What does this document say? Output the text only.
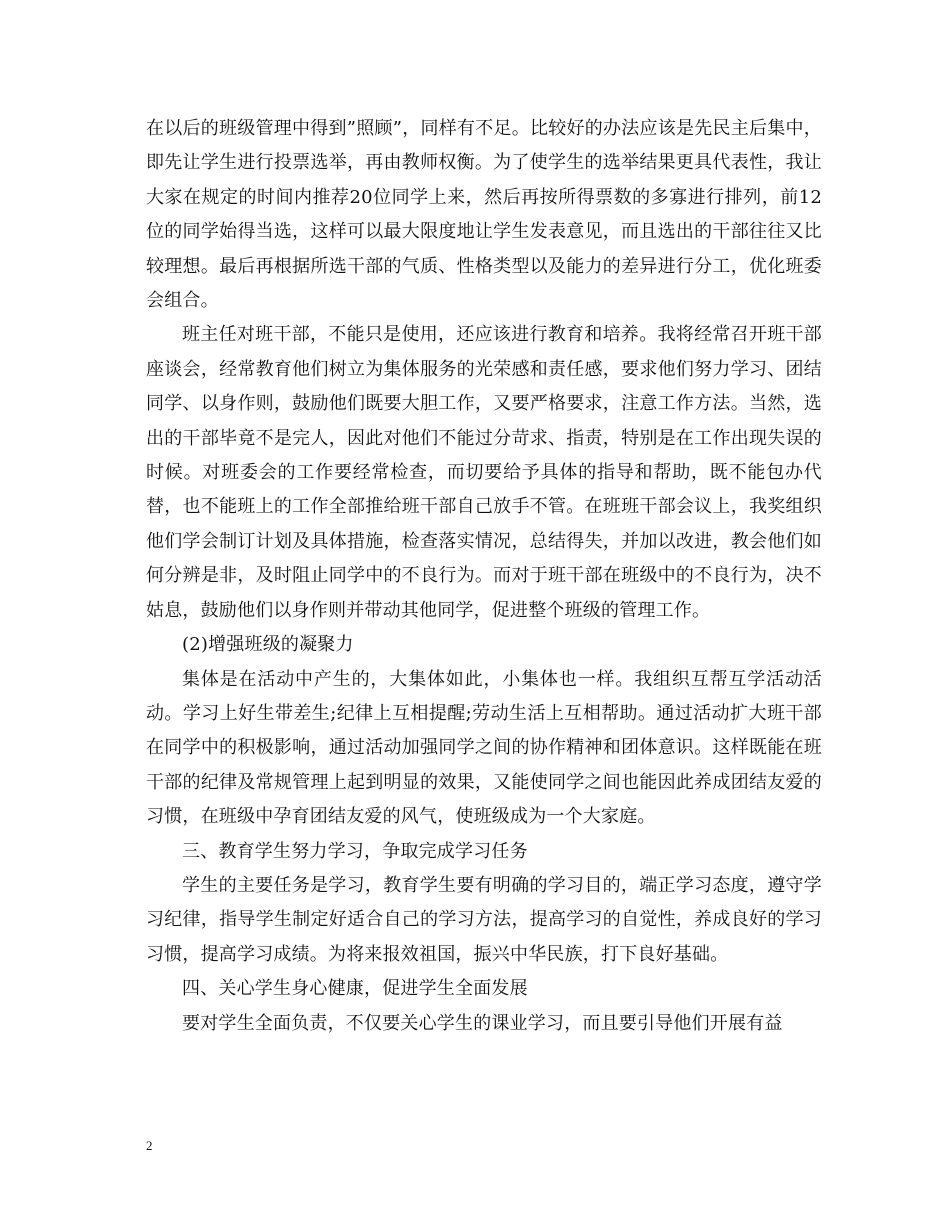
在以后的班级管理中得到”照顾”，同样有不足。比较好的办法应该是先民主后集中，即先让学生进行投票选举，再由教师权衡。为了使学生的选举结果更具代表性，我让大家在规定的时间内推荐20位同学上来，然后再按所得票数的多寡进行排列，前12位的同学始得当选，这样可以最大限度地让学生发表意见，而且选出的干部往往又比较理想。最后再根据所选干部的气质、性格类型以及能力的差异进行分工，优化班委会组合。

班主任对班干部，不能只是使用，还应该进行教育和培养。我将经常召开班干部座谈会，经常教育他们树立为集体服务的光荣感和责任感，要求他们努力学习、团结同学、以身作则，鼓励他们既要大胆工作，又要严格要求，注意工作方法。当然，选出的干部毕竟不是完人，因此对他们不能过分苛求、指责，特别是在工作出现失误的时候。对班委会的工作要经常检查，而切要给予具体的指导和帮助，既不能包办代替，也不能班上的工作全部推给班干部自己放手不管。在班班干部会议上，我奖组织他们学会制订计划及具体措施，检查落实情况，总结得失，并加以改进，教会他们如何分辨是非，及时阻止同学中的不良行为。而对于班干部在班级中的不良行为，决不姑息，鼓励他们以身作则并带动其他同学，促进整个班级的管理工作。

(2)增强班级的凝聚力

集体是在活动中产生的，大集体如此，小集体也一样。我组织互帮互学活动活动。学习上好生带差生;纪律上互相提醒;劳动生活上互相帮助。通过活动扩大班干部在同学中的积极影响，通过活动加强同学之间的协作精神和团体意识。这样既能在班干部的纪律及常规管理上起到明显的效果，又能使同学之间也能因此养成团结友爱的习惯，在班级中孕育团结友爱的风气，使班级成为一个大家庭。

三、教育学生努力学习，争取完成学习任务

学生的主要任务是学习，教育学生要有明确的学习目的，端正学习态度，遵守学习纪律，指导学生制定好适合自己的学习方法，提高学习的自觉性，养成良好的学习习惯，提高学习成绩。为将来报效祖国，振兴中华民族，打下良好基础。

四、关心学生身心健康，促进学生全面发展

要对学生全面负责，不仅要关心学生的课业学习，而且要引导他们开展有益

2
